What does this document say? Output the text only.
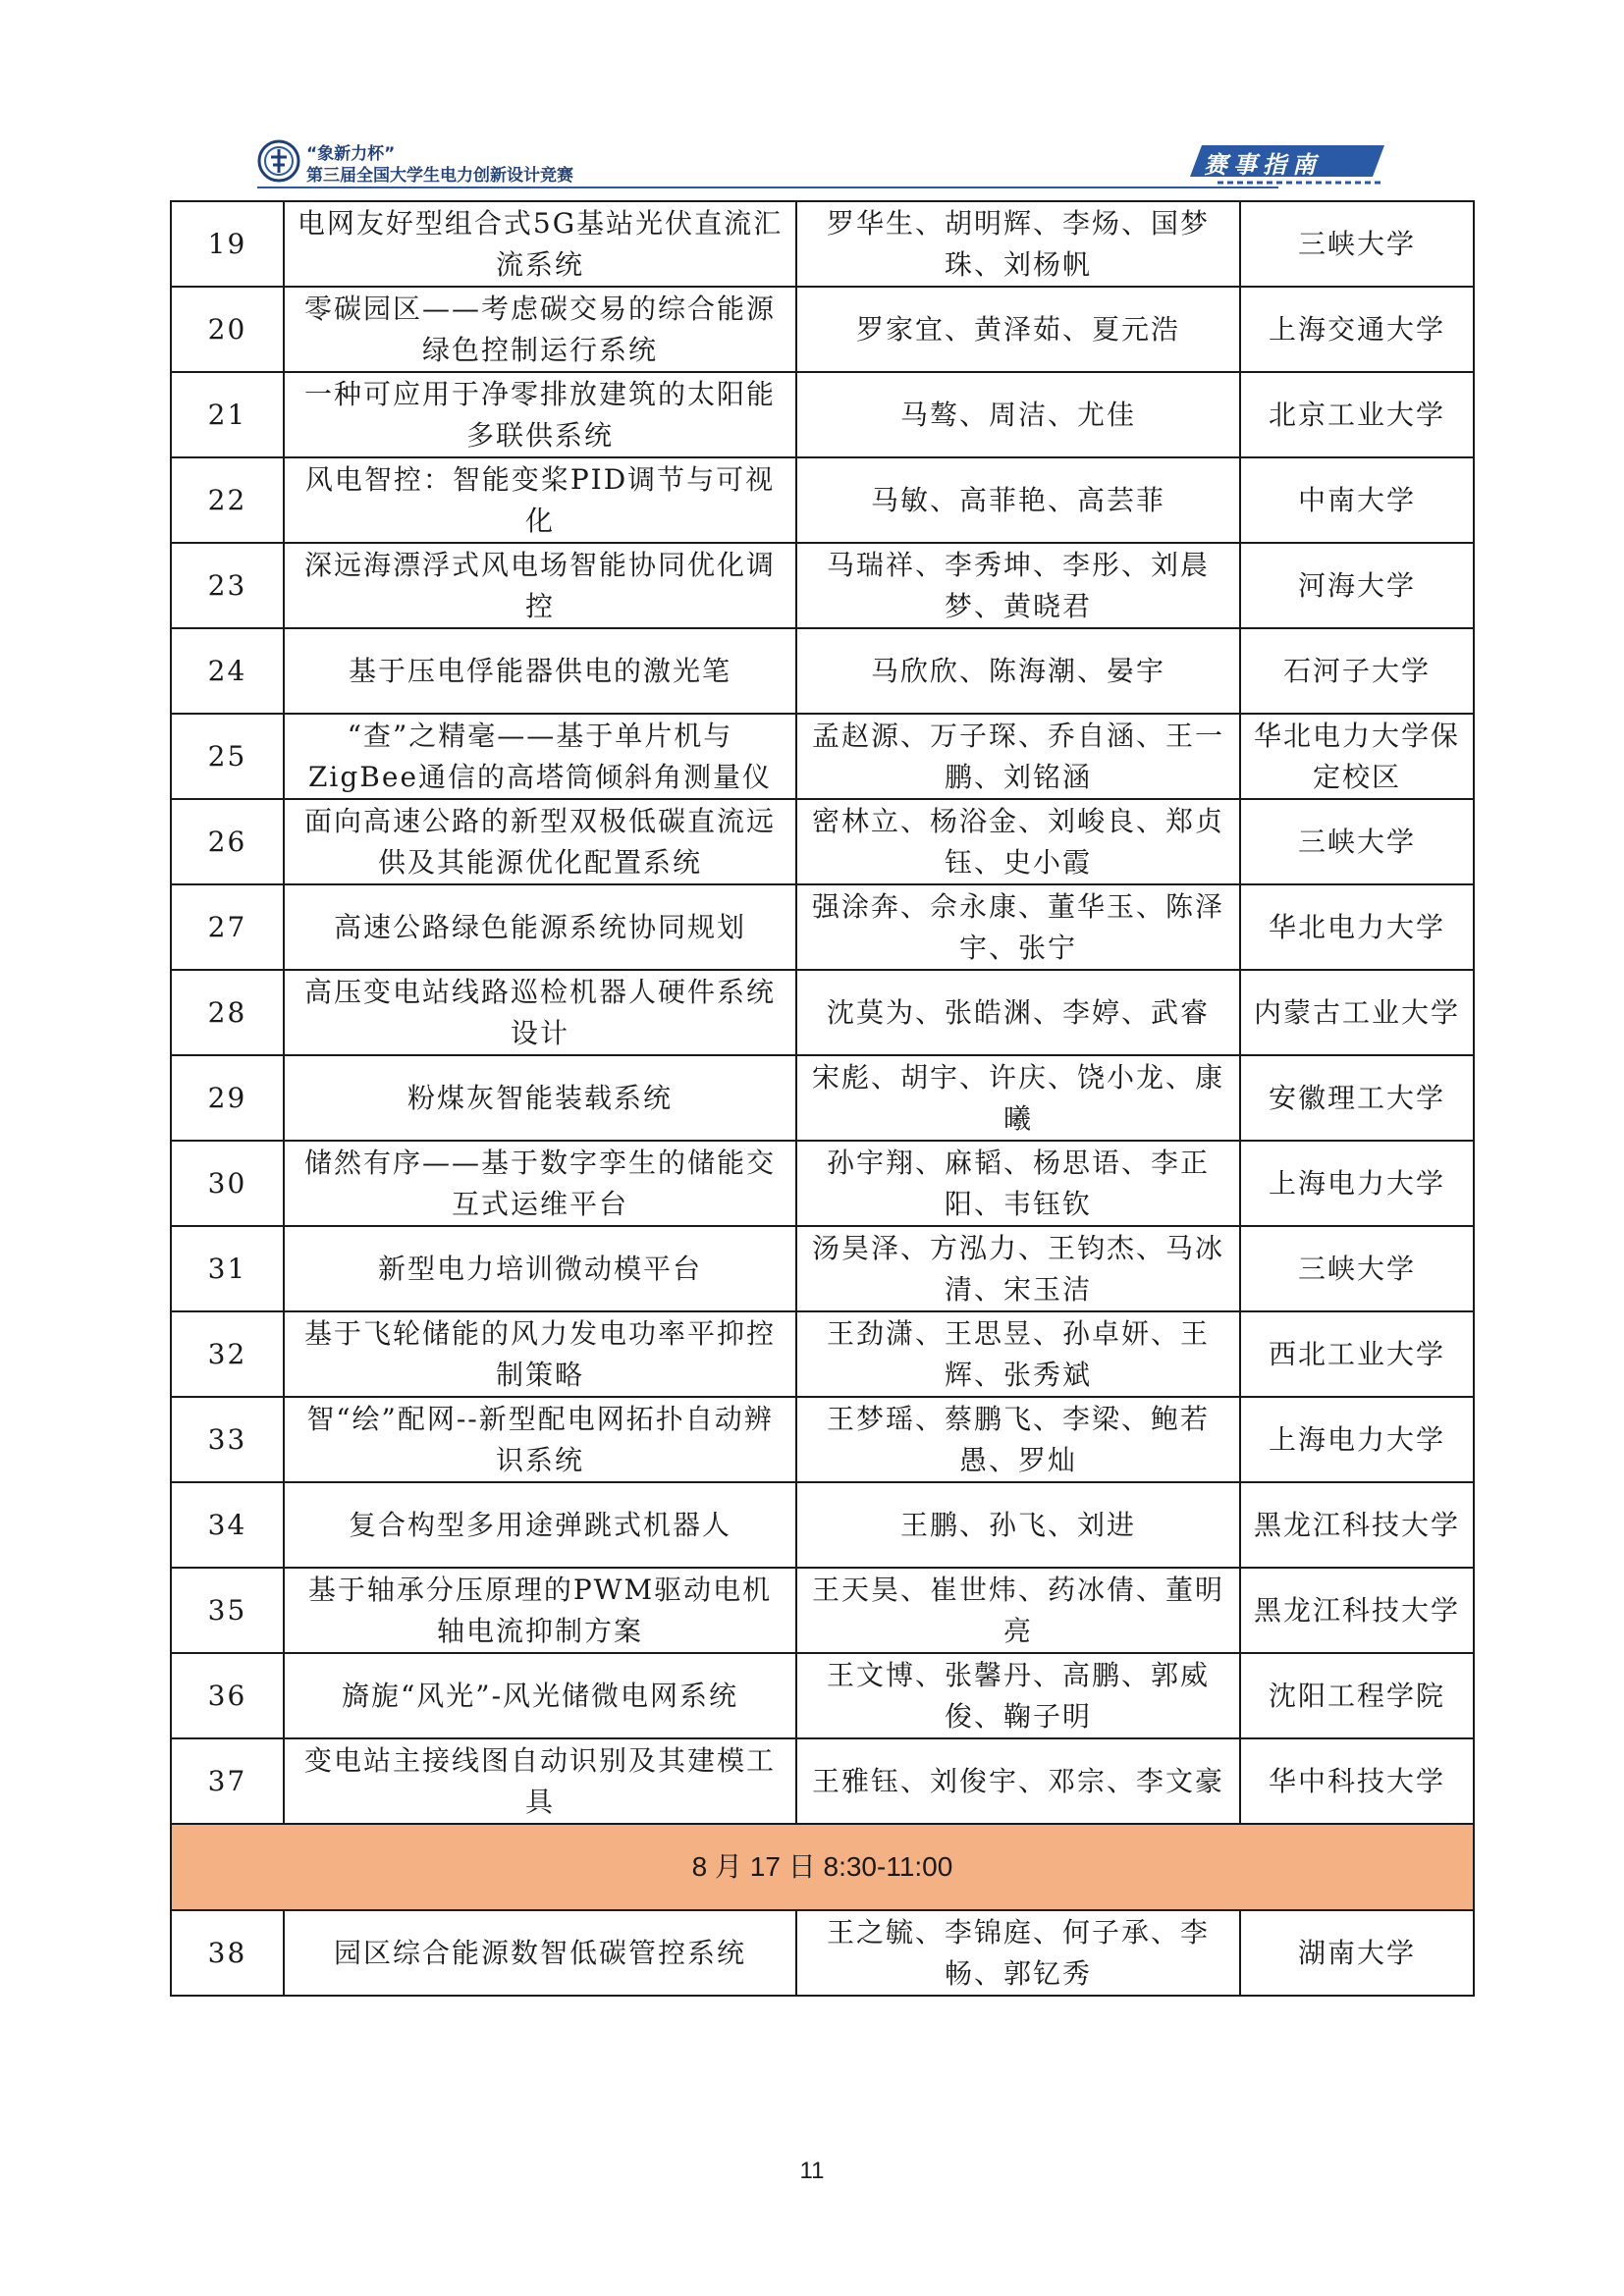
“象新力杯”
第三届全国大学生电力创新设计竞赛	赛事指南
19	电网友好型组合式5G基站光伏直流汇流系统	罗华生、胡明辉、李炀、国梦珠、刘杨帆	三峡大学
20	零碳园区——考虑碳交易的综合能源绿色控制运行系统	罗家宜、黄泽茹、夏元浩	上海交通大学
21	一种可应用于净零排放建筑的太阳能多联供系统	马骜、周洁、尤佳	北京工业大学
22	风电智控：智能变桨PID调节与可视化	马敏、高菲艳、高芸菲	中南大学
23	深远海漂浮式风电场智能协同优化调控	马瑞祥、李秀坤、李彤、刘晨梦、黄晓君	河海大学
24	基于压电俘能器供电的激光笔	马欣欣、陈海潮、晏宇	石河子大学
25	“查”之精毫——基于单片机与ZigBee通信的高塔筒倾斜角测量仪	孟赵源、万子琛、乔自涵、王一鹏、刘铭涵	华北电力大学保定校区
26	面向高速公路的新型双极低碳直流远供及其能源优化配置系统	密林立、杨浴金、刘峻良、郑贞钰、史小霞	三峡大学
27	高速公路绿色能源系统协同规划	强涂奔、佘永康、董华玉、陈泽宇、张宁	华北电力大学
28	高压变电站线路巡检机器人硬件系统设计	沈莫为、张皓渊、李婷、武睿	内蒙古工业大学
29	粉煤灰智能装载系统	宋彪、胡宇、许庆、饶小龙、康曦	安徽理工大学
30	储然有序——基于数字孪生的储能交互式运维平台	孙宇翔、麻韬、杨思语、李正阳、韦钰钦	上海电力大学
31	新型电力培训微动模平台	汤昊泽、方泓力、王钧杰、马冰清、宋玉洁	三峡大学
32	基于飞轮储能的风力发电功率平抑控制策略	王劲潇、王思昱、孙卓妍、王辉、张秀斌	西北工业大学
33	智“绘”配网--新型配电网拓扑自动辨识系统	王梦瑶、蔡鹏飞、李梁、鲍若愚、罗灿	上海电力大学
34	复合构型多用途弹跳式机器人	王鹏、孙飞、刘进	黑龙江科技大学
35	基于轴承分压原理的PWM驱动电机轴电流抑制方案	王天昊、崔世炜、药冰倩、董明亮	黑龙江科技大学
36	旖旎“风光”-风光储微电网系统	王文博、张馨丹、高鹏、郭威俊、鞠子明	沈阳工程学院
37	变电站主接线图自动识别及其建模工具	王雅钰、刘俊宇、邓宗、李文豪	华中科技大学
8 月 17 日 8:30-11:00			
38	园区综合能源数智低碳管控系统	王之毓、李锦庭、何子承、李畅、郭钇秀	湖南大学
11
